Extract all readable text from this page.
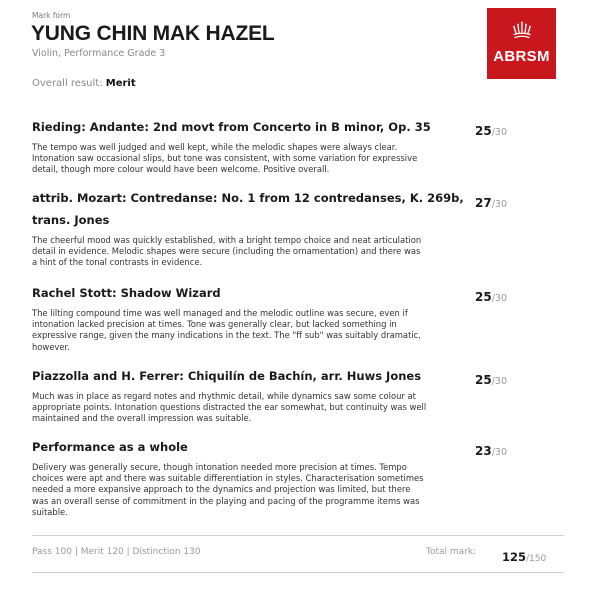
Mark form
YUNG CHIN MAK HAZEL
Violin, Performance Grade 3
Overall result: Merit
ABRSM
Rieding: Andante: 2nd movt from Concerto in B minor, Op. 35
The tempo was well judged and well kept, while the melodic shapes were always clear. Intonation saw occasional slips, but tone was consistent, with some variation for expressive detail, though more colour would have been welcome. Positive overall.
25/30
attrib. Mozart: Contredanse: No. 1 from 12 contredanses, K. 269b, trans. Jones
The cheerful mood was quickly established, with a bright tempo choice and neat articulation detail in evidence. Melodic shapes were secure (including the ornamentation) and there was a hint of the tonal contrasts in evidence.
27/30
Rachel Stott: Shadow Wizard
The lilting compound time was well managed and the melodic outline was secure, even if intonation lacked precision at times. Tone was generally clear, but lacked something in expressive range, given the many indications in the text. The "ff sub" was suitably dramatic, however.
25/30
Piazzolla and H. Ferrer: Chiquilín de Bachín, arr. Huws Jones
Much was in place as regard notes and rhythmic detail, while dynamics saw some colour at appropriate points. Intonation questions distracted the ear somewhat, but continuity was well maintained and the overall impression was suitable.
25/30
Performance as a whole
Delivery was generally secure, though intonation needed more precision at times. Tempo choices were apt and there was suitable differentiation in styles. Characterisation sometimes needed a more expansive approach to the dynamics and projection was limited, but there was an overall sense of commitment in the playing and pacing of the programme items was suitable.
23/30
Pass 100 | Merit 120 | Distinction 130	Total mark: 125/150
